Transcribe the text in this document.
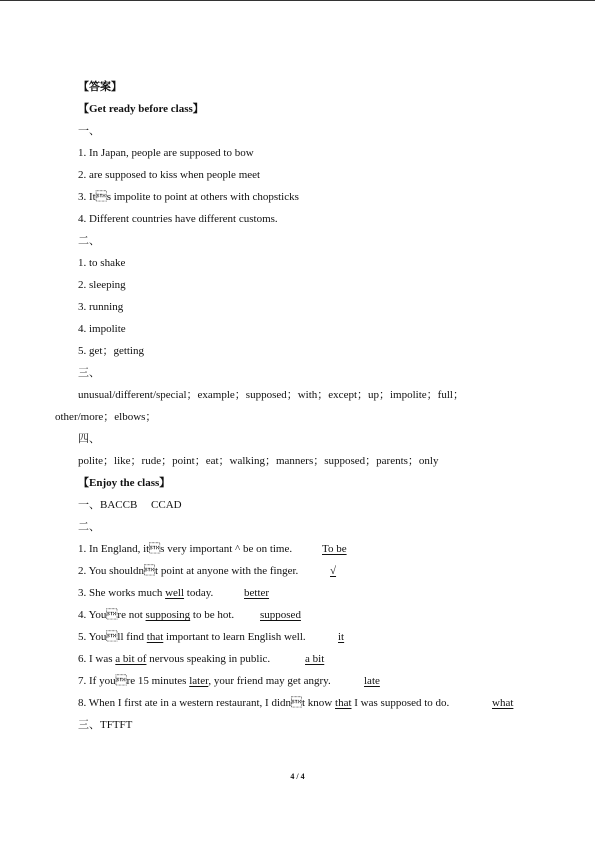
【答案】
【Get ready before class】
一、
1. In Japan, people are supposed to bow
2. are supposed to kiss when people meet
3. Its impolite to point at others with chopsticks
4. Different countries have different customs.
二、
1. to shake
2. sleeping
3. running
4. impolite
5. get；getting
三、
unusual/different/special；example；supposed；with；except；up；impolite；full；
other/more；elbows；
四、
polite；like；rude；point；eat；walking；manners；supposed；parents；only
【Enjoy the class】
一、BACCB　 CCAD
二、
1. In England, its very important ^ be on time.	To be
2. You shouldnt point at anyone with the finger.	√
3. She works much well today.	better
4. Youre not supposing to be hot. supposed
5. Youll find that important to learn English well.	it
6. I was a bit of nervous speaking in public.	a bit
7. If youre 15 minutes later, your friend may get angry.	late
8. When I first ate in a western restaurant, I didnt know that I was supposed to do.	what
三、TFTFT
4 / 4
